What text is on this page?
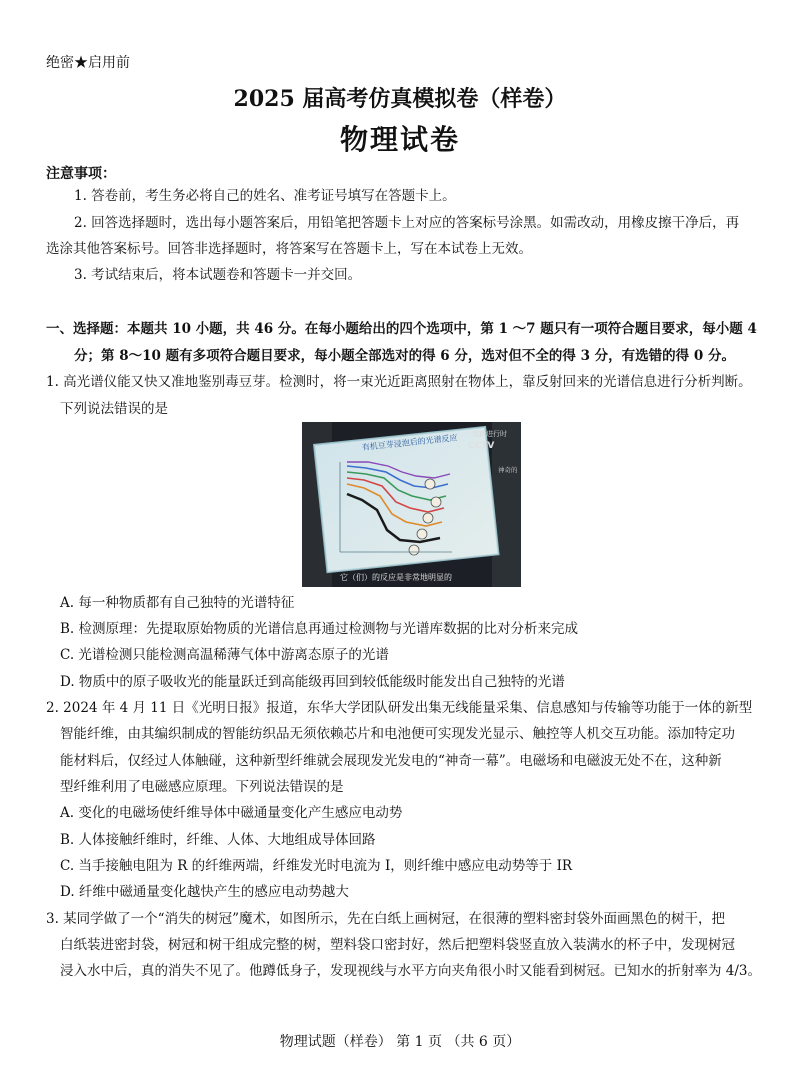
绝密★启用前
2025 届高考仿真模拟卷（样卷）
物理试卷
注意事项：
1. 答卷前，考生务必将自己的姓名、准考证号填写在答题卡上。
2. 回答选择题时，选出每小题答案后，用铅笔把答题卡上对应的答案标号涂黑。如需改动，用橡皮擦干净后，再
选涂其他答案标号。回答非选择题时，将答案写在答题卡上，写在本试卷上无效。
3. 考试结束后，将本试题卷和答题卡一并交回。
一、选择题：本题共 10 小题，共 46 分。在每小题给出的四个选项中，第 1 ～7 题只有一项符合题目要求，每小题 4
分；第 8～10 题有多项符合题目要求，每小题全部选对的得 6 分，选对但不全的得 3 分，有选错的得 0 分。
1. 高光谱仪能又快又准地鉴别毒豆芽。检测时，将一束光近距离照射在物体上，靠反射回来的光谱信息进行分析判断。
下列说法错误的是
有机豆芽浸泡后的光谱反应 创新进行时
CCTV
神奇的
它（们）的反应是非常地明显的
A. 每一种物质都有自己独特的光谱特征
B. 检测原理：先提取原始物质的光谱信息再通过检测物与光谱库数据的比对分析来完成
C. 光谱检测只能检测高温稀薄气体中游离态原子的光谱
D. 物质中的原子吸收光的能量跃迁到高能级再回到较低能级时能发出自己独特的光谱
2. 2024 年 4 月 11 日《光明日报》报道，东华大学团队研发出集无线能量采集、信息感知与传输等功能于一体的新型
智能纤维，由其编织制成的智能纺织品无须依赖芯片和电池便可实现发光显示、触控等人机交互功能。添加特定功
能材料后，仅经过人体触碰，这种新型纤维就会展现发光发电的“神奇一幕”。电磁场和电磁波无处不在，这种新
型纤维利用了电磁感应原理。下列说法错误的是
A. 变化的电磁场使纤维导体中磁通量变化产生感应电动势
B. 人体接触纤维时，纤维、人体、大地组成导体回路
C. 当手接触电阻为 R 的纤维两端，纤维发光时电流为 I，则纤维中感应电动势等于 IR
D. 纤维中磁通量变化越快产生的感应电动势越大
3. 某同学做了一个“消失的树冠”魔术，如图所示，先在白纸上画树冠，在很薄的塑料密封袋外面画黑色的树干，把
白纸装进密封袋，树冠和树干组成完整的树，塑料袋口密封好，然后把塑料袋竖直放入装满水的杯子中，发现树冠
浸入水中后，真的消失不见了。他蹲低身子，发现视线与水平方向夹角很小时又能看到树冠。已知水的折射率为 4/3。
物理试题（样卷） 第 1 页 （共 6 页）
